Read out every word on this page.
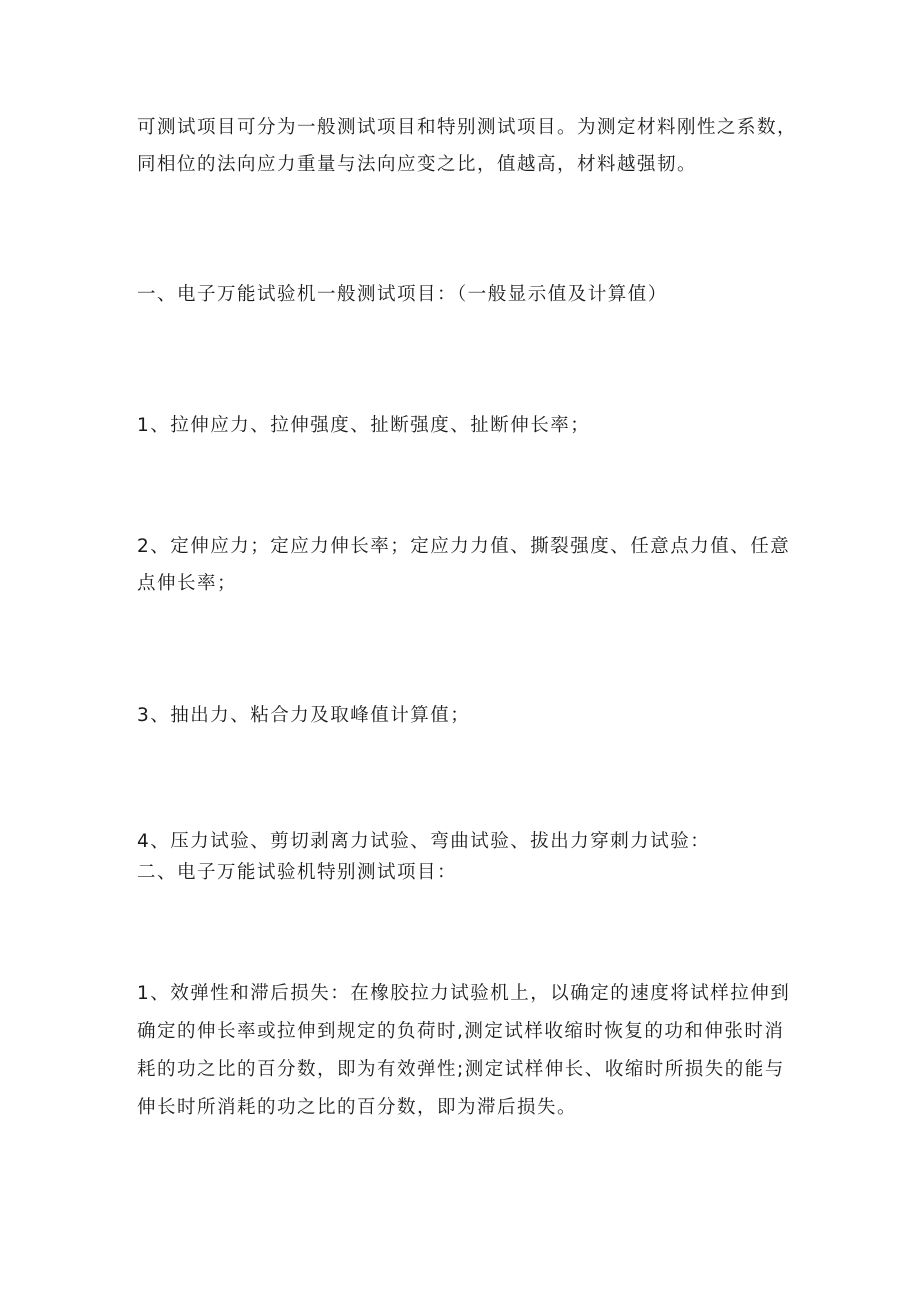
可测试项目可分为一般测试项目和特别测试项目。为测定材料刚性之系数，
同相位的法向应力重量与法向应变之比，值越高，材料越强韧。

一、电子万能试验机一般测试项目：（一般显示值及计算值）

1、拉伸应力、拉伸强度、扯断强度、扯断伸长率；

2、定伸应力；定应力伸长率；定应力力值、撕裂强度、任意点力值、任意
点伸长率；

3、抽出力、粘合力及取峰值计算值；

4、压力试验、剪切剥离力试验、弯曲试验、拔出力穿刺力试验：
二、电子万能试验机特别测试项目：

1、效弹性和滞后损失：在橡胶拉力试验机上，以确定的速度将试样拉伸到
确定的伸长率或拉伸到规定的负荷时,测定试样收缩时恢复的功和伸张时消
耗的功之比的百分数，即为有效弹性;测定试样伸长、收缩时所损失的能与
伸长时所消耗的功之比的百分数，即为滞后损失。
